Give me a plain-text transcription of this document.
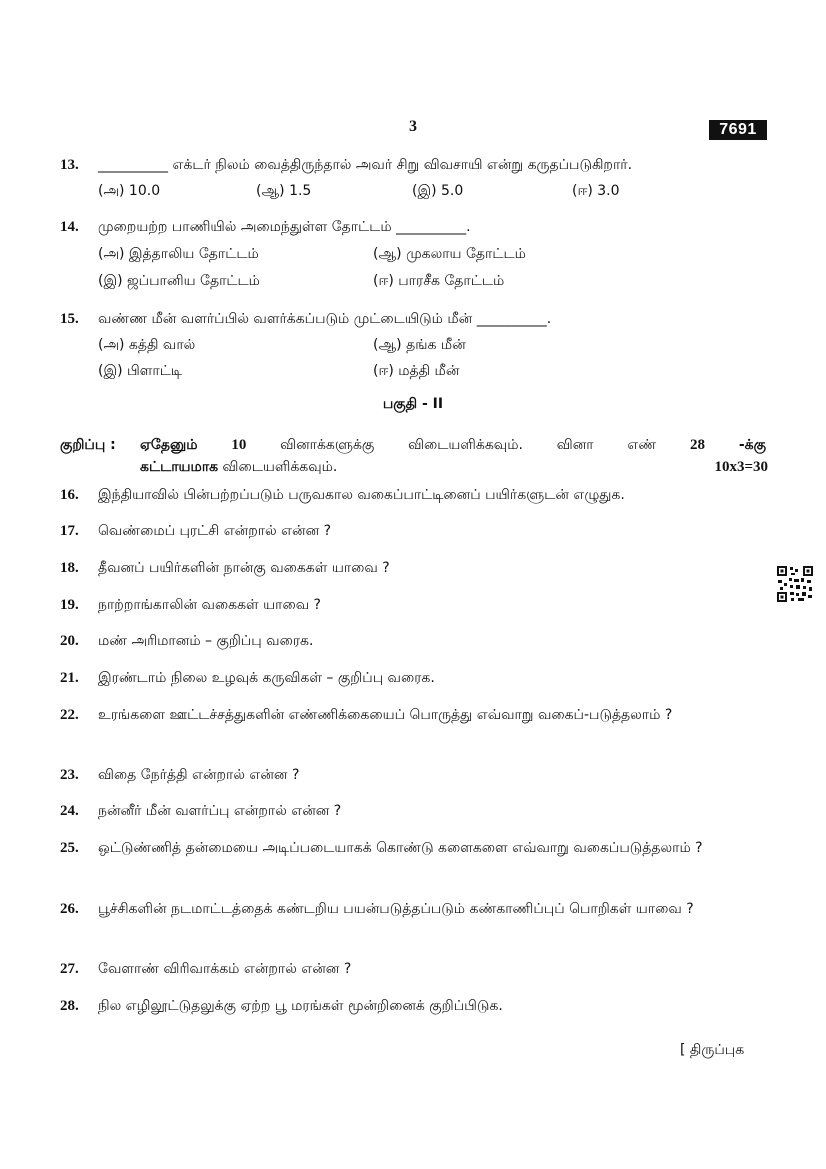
3	7691
13.	__________ எக்டர் நிலம் வைத்திருந்தால் அவர் சிறு விவசாயி என்று கருதப்படுகிறார்.
(அ) 10.0	(ஆ) 1.5	(இ) 5.0	(ஈ) 3.0
14.	முறையற்ற பாணியில் அமைந்துள்ள தோட்டம் __________.
(அ) இத்தாலிய தோட்டம்	(ஆ) முகலாய தோட்டம்
(இ) ஜப்பானிய தோட்டம்	(ஈ) பாரசீக தோட்டம்
15.	வண்ண மீன் வளர்ப்பில் வளர்க்கப்படும் முட்டையிடும் மீன் __________.
(அ) கத்தி வால்	(ஆ) தங்க மீன்
(இ) பிளாட்டி	(ஈ) மத்தி மீன்
பகுதி - II
குறிப்பு : ஏதேனும் 10 வினாக்களுக்கு விடையளிக்கவும். வினா எண் 28 -க்கு
கட்டாயமாக விடையளிக்கவும்.	10x3=30
16.	இந்தியாவில் பின்பற்றப்படும் பருவகால வகைப்பாட்டினைப் பயிர்களுடன் எழுதுக.
17.	வெண்மைப் புரட்சி என்றால் என்ன ?
18.	தீவனப் பயிர்களின் நான்கு வகைகள் யாவை ?
19.	நாற்றாங்காலின் வகைகள் யாவை ?
20.	மண் அரிமானம் – குறிப்பு வரைக.
21.	இரண்டாம் நிலை உழவுக் கருவிகள் – குறிப்பு வரைக.
22.	உரங்களை ஊட்டச்சத்துகளின் எண்ணிக்கையைப் பொருத்து எவ்வாறு வகைப்-படுத்தலாம் ?
23.	விதை நேர்த்தி என்றால் என்ன ?
24.	நன்னீர் மீன் வளர்ப்பு என்றால் என்ன ?
25.	ஒட்டுண்ணித் தன்மையை அடிப்படையாகக் கொண்டு களைகளை எவ்வாறு வகைப்படுத்தலாம் ?
26.	பூச்சிகளின் நடமாட்டத்தைக் கண்டறிய பயன்படுத்தப்படும் கண்காணிப்புப் பொறிகள் யாவை ?
27.	வேளாண் விரிவாக்கம் என்றால் என்ன ?
28.	நில எழிலூட்டுதலுக்கு ஏற்ற பூ மரங்கள் மூன்றினைக் குறிப்பிடுக.
[ திருப்புக
